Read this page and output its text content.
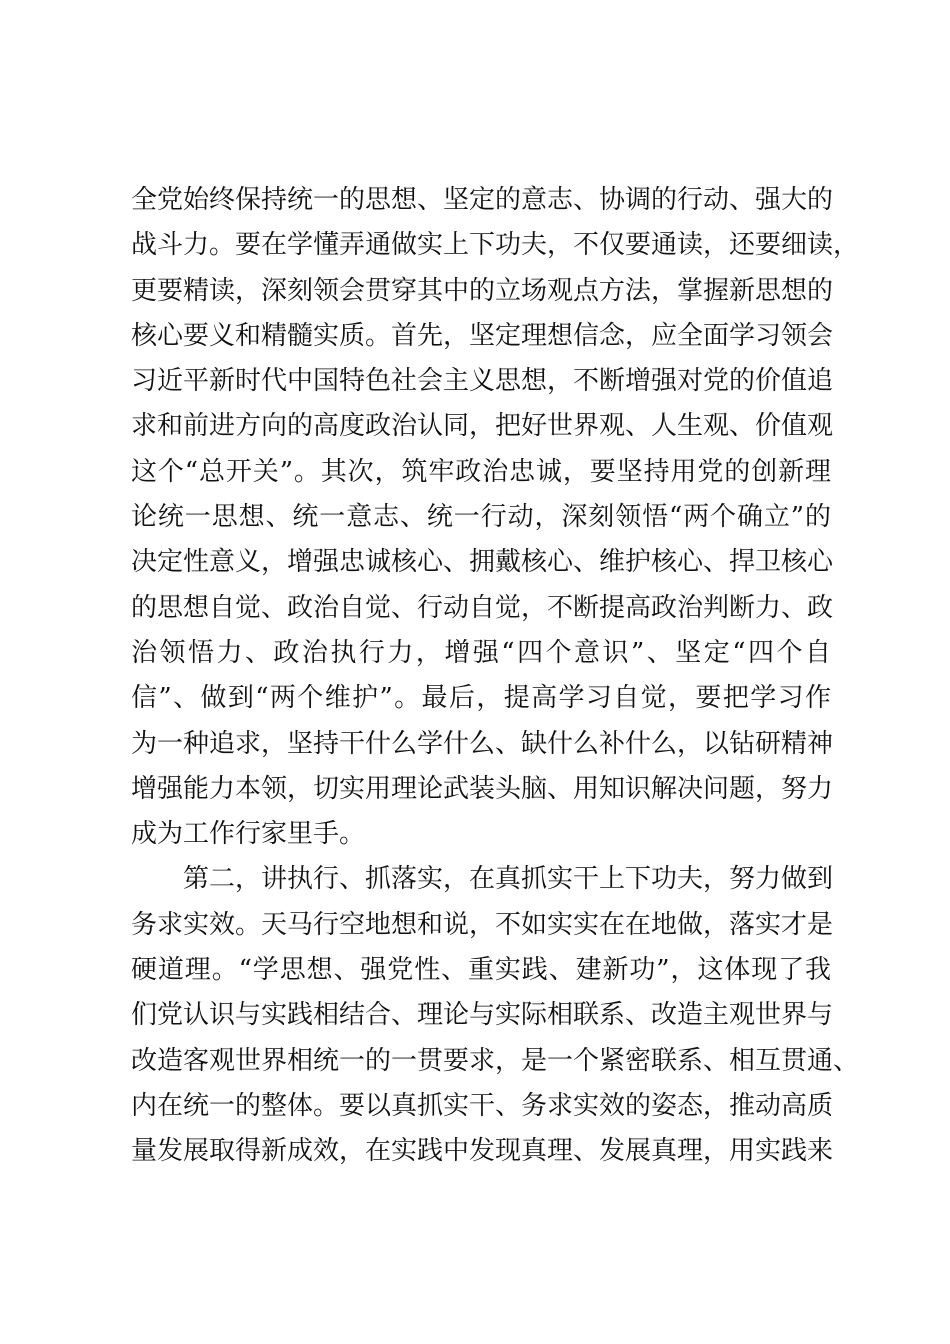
全党始终保持统一的思想、坚定的意志、协调的行动、强大的
战斗力。要在学懂弄通做实上下功夫，不仅要通读，还要细读，
更要精读，深刻领会贯穿其中的立场观点方法，掌握新思想的
核心要义和精髓实质。首先，坚定理想信念，应全面学习领会
习近平新时代中国特色社会主义思想，不断增强对党的价值追
求和前进方向的高度政治认同，把好世界观、人生观、价值观
这个“总开关”。其次，筑牢政治忠诚，要坚持用党的创新理
论统一思想、统一意志、统一行动，深刻领悟“两个确立”的
决定性意义，增强忠诚核心、拥戴核心、维护核心、捍卫核心
的思想自觉、政治自觉、行动自觉，不断提高政治判断力、政
治领悟力、政治执行力，增强“四个意识”、坚定“四个自
信”、做到“两个维护”。最后，提高学习自觉，要把学习作
为一种追求，坚持干什么学什么、缺什么补什么，以钻研精神
增强能力本领，切实用理论武装头脑、用知识解决问题，努力
成为工作行家里手。
第二，讲执行、抓落实，在真抓实干上下功夫，努力做到
务求实效。天马行空地想和说，不如实实在在地做，落实才是
硬道理。“学思想、强党性、重实践、建新功”，这体现了我
们党认识与实践相结合、理论与实际相联系、改造主观世界与
改造客观世界相统一的一贯要求，是一个紧密联系、相互贯通、
内在统一的整体。要以真抓实干、务求实效的姿态，推动高质
量发展取得新成效，在实践中发现真理、发展真理，用实践来
